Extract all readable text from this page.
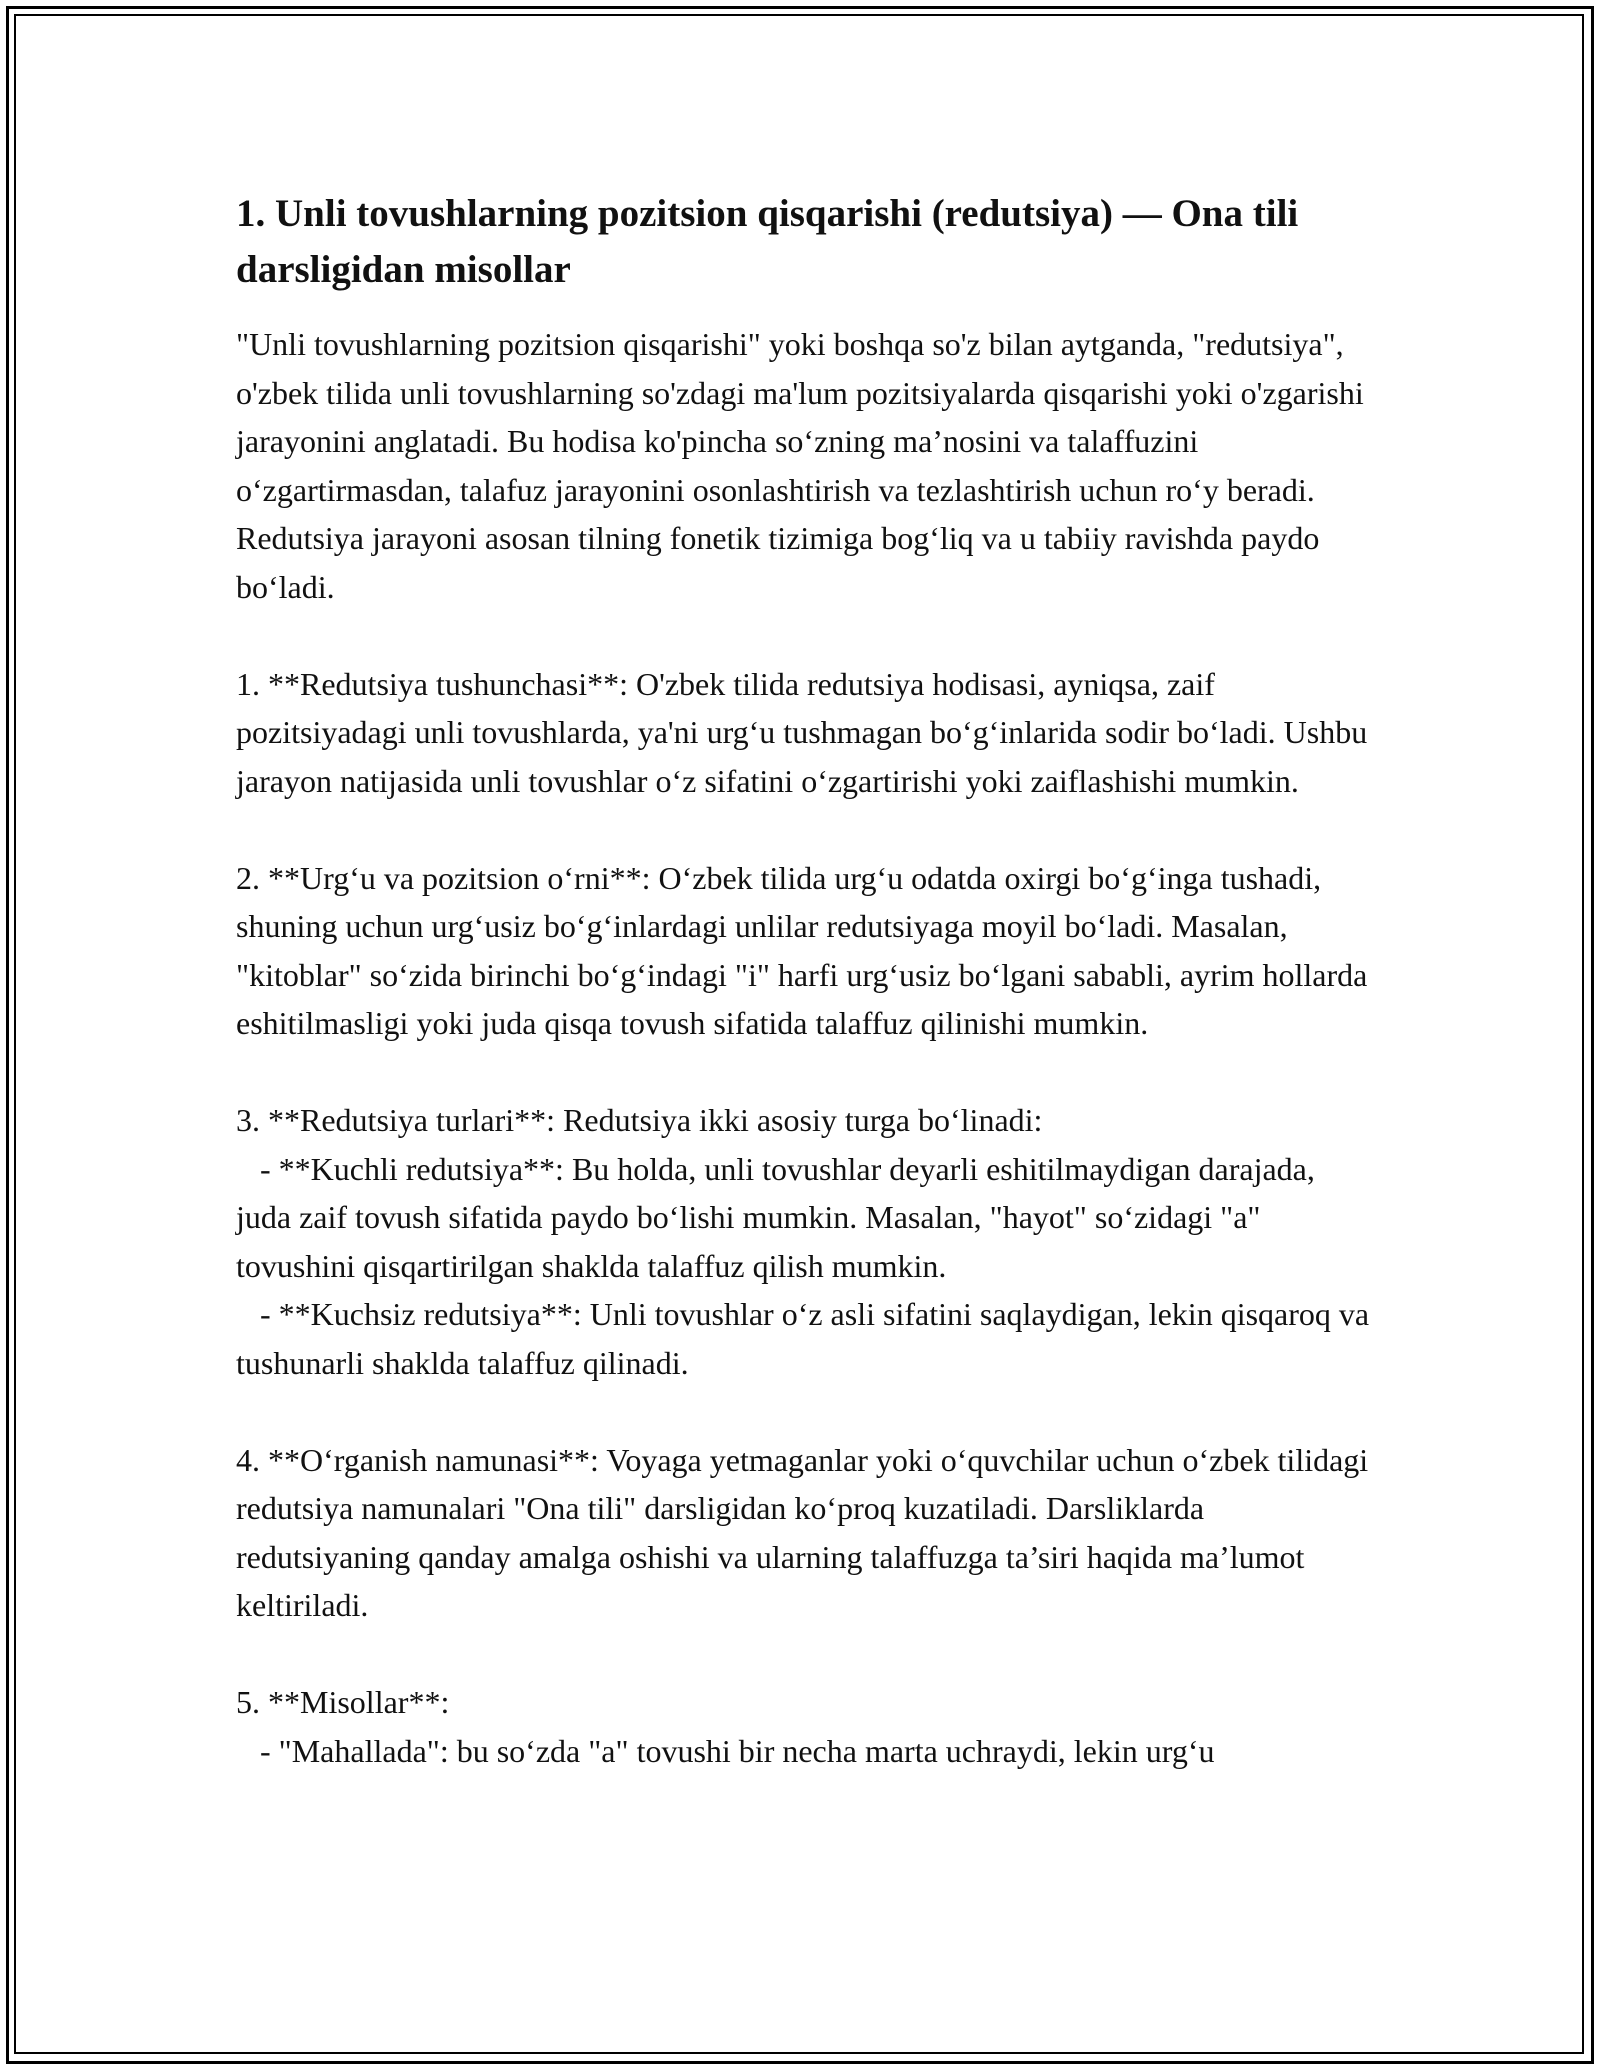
1. Unli tovushlarning pozitsion qisqarishi (redutsiya) — Ona tili darsligidan misollar

"Unli tovushlarning pozitsion qisqarishi" yoki boshqa so'z bilan aytganda, "redutsiya", o'zbek tilida unli tovushlarning so'zdagi ma'lum pozitsiyalarda qisqarishi yoki o'zgarishi jarayonini anglatadi. Bu hodisa ko'pincha so‘zning ma’nosini va talaffuzini o‘zgartirmasdan, talafuz jarayonini osonlashtirish va tezlashtirish uchun ro‘y beradi. Redutsiya jarayoni asosan tilning fonetik tizimiga bog‘liq va u tabiiy ravishda paydo bo‘ladi.

1. **Redutsiya tushunchasi**: O'zbek tilida redutsiya hodisasi, ayniqsa, zaif pozitsiyadagi unli tovushlarda, ya'ni urg‘u tushmagan bo‘g‘inlarida sodir bo‘ladi. Ushbu jarayon natijasida unli tovushlar o‘z sifatini o‘zgartirishi yoki zaiflashishi mumkin.

2. **Urg‘u va pozitsion o‘rni**: O‘zbek tilida urg‘u odatda oxirgi bo‘g‘inga tushadi, shuning uchun urg‘usiz bo‘g‘inlardagi unlilar redutsiyaga moyil bo‘ladi. Masalan, "kitoblar" so‘zida birinchi bo‘g‘indagi "i" harfi urg‘usiz bo‘lgani sababli, ayrim hollarda eshitilmasligi yoki juda qisqa tovush sifatida talaffuz qilinishi mumkin.

3. **Redutsiya turlari**: Redutsiya ikki asosiy turga bo‘linadi:

- **Kuchli redutsiya**: Bu holda, unli tovushlar deyarli eshitilmaydigan darajada, juda zaif tovush sifatida paydo bo‘lishi mumkin. Masalan, "hayot" so‘zidagi "a" tovushini qisqartirilgan shaklda talaffuz qilish mumkin.

- **Kuchsiz redutsiya**: Unli tovushlar o‘z asli sifatini saqlaydigan, lekin qisqaroq va tushunarli shaklda talaffuz qilinadi.

4. **O‘rganish namunasi**: Voyaga yetmaganlar yoki o‘quvchilar uchun o‘zbek tilidagi redutsiya namunalari "Ona tili" darsligidan ko‘proq kuzatiladi. Darsliklarda redutsiyaning qanday amalga oshishi va ularning talaffuzga ta’siri haqida ma’lumot keltiriladi.

5. **Misollar**:

- "Mahallada": bu so‘zda "a" tovushi bir necha marta uchraydi, lekin urg‘u
